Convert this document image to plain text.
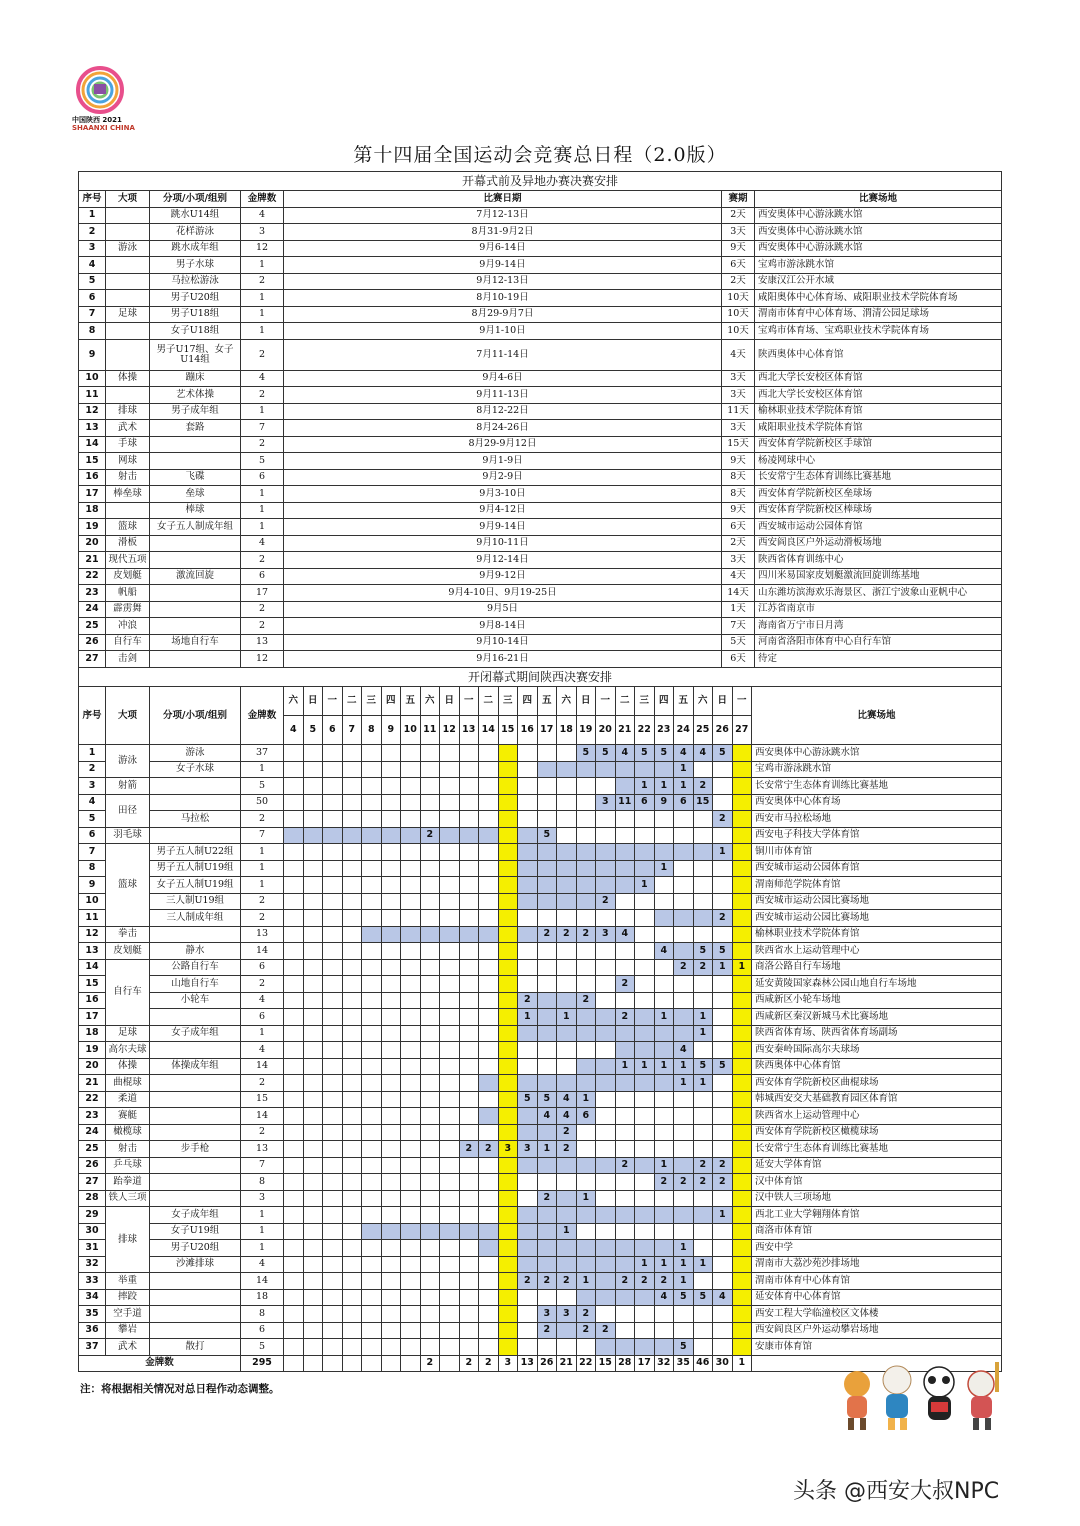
中国陕西 2021
SHAANXI CHINA
第十四届全国运动会竞赛总日程（2.0版）
开幕式前及异地办赛决赛安排						
序号	大项	分项/小项/组别	金牌数	比赛日期	赛期	比赛场地
1		跳水U14组	4	7月12-13日	2天	西安奥体中心游泳跳水馆
2		花样游泳	3	8月31-9月2日	3天	西安奥体中心游泳跳水馆
3	游泳	跳水成年组	12	9月6-14日	9天	西安奥体中心游泳跳水馆
4		男子水球	1	9月9-14日	6天	宝鸡市游泳跳水馆
5		马拉松游泳	2	9月12-13日	2天	安康汉江公开水域
6		男子U20组	1	8月10-19日	10天	咸阳奥体中心体育场、咸阳职业技术学院体育场
7	足球	男子U18组	1	8月29-9月7日	10天	渭南市体育中心体育场、渭清公园足球场
8		女子U18组	1	9月1-10日	10天	宝鸡市体育场、宝鸡职业技术学院体育场
9		男子U17组、女子U14组	2	7月11-14日	4天	陕西奥体中心体育馆
10	体操	蹦床	4	9月4-6日	3天	西北大学长安校区体育馆
11		艺术体操	2	9月11-13日	3天	西北大学长安校区体育馆
12	排球	男子成年组	1	8月12-22日	11天	榆林职业技术学院体育馆
13	武术	套路	7	8月24-26日	3天	咸阳职业技术学院体育馆
14	手球		2	8月29-9月12日	15天	西安体育学院新校区手球馆
15	网球		5	9月1-9日	9天	杨凌网球中心
16	射击	飞碟	6	9月2-9日	8天	长安常宁生态体育训练比赛基地
17	棒垒球	垒球	1	9月3-10日	8天	西安体育学院新校区垒球场
18		棒球	1	9月4-12日	9天	西安体育学院新校区棒球场
19	篮球	女子五人制成年组	1	9月9-14日	6天	西安城市运动公园体育馆
20	滑板		4	9月10-11日	2天	西安阎良区户外运动滑板场地
21	现代五项		2	9月12-14日	3天	陕西省体育训练中心
22	皮划艇	激流回旋	6	9月9-12日	4天	四川米易国家皮划艇激流回旋训练基地
23	帆船		17	9月4-10日、9月19-25日	14天	山东潍坊滨海欢乐海景区、浙江宁波象山亚帆中心
24	霹雳舞		2	9月5日	1天	江苏省南京市
25	冲浪		2	9月8-14日	7天	海南省万宁市日月湾
26	自行车	场地自行车	13	9月10-14日	5天	河南省洛阳市体育中心自行车馆
27	击剑		12	9月16-21日	6天	待定
开闭幕式期间陕西决赛安排																												
序号	大项	分项/小项/组别	金牌数	六	日	一	二	三	四	五	六	日	一	二	三	四	五	六	日	一	二	三	四	五	六	日	一	比赛场地
				4	5	6	7	8	9	10	11	12	13	14	15	16	17	18	19	20	21	22	23	24	25	26	27	
1	游泳	游泳	37																5	5	4	5	5	4	4	5		西安奥体中心游泳跳水馆
2		女子水球	1																					1				宝鸡市游泳跳水馆
3	射箭		5																			1	1	1	2			长安常宁生态体育训练比赛基地
4	田径		50																	3	11	6	9	6	15			西安奥体中心体育场
5		马拉松	2																							2		西安市马拉松场地
6	羽毛球		7								2						5											西安电子科技大学体育馆
7	篮球	男子五人制U22组	1																							1		铜川市体育馆
8		男子五人制U19组	1																				1					西安城市运动公园体育馆
9		女子五人制U19组	1																			1						渭南师范学院体育馆
10		三人制U19组	2																	2								西安城市运动公园比赛场地
11		三人制成年组	2																							2		西安城市运动公园比赛场地
12	拳击		13														2	2	2	3	4							榆林职业技术学院体育馆
13	皮划艇	静水	14																				4		5	5		陕西省水上运动管理中心
14	自行车	公路自行车	6																					2	2	1	1	商洛公路自行车场地
15		山地自行车	2																		2							延安黄陵国家森林公园山地自行车场地
16		小轮车	4													2			2									西咸新区小轮车场地
17			6													1		1			2		1		1			西咸新区秦汉新城马术比赛场地
18	足球	女子成年组	1																						1			陕西省体育场、陕西省体育场副场
19	高尔夫球		4																					4				西安秦岭国际高尔夫球场
20	体操	体操成年组	14																		1	1	1	1	5	5		陕西奥体中心体育馆
21	曲棍球		2																					1	1			西安体育学院新校区曲棍球场
22	柔道		15													5	5	4	1									韩城西安交大基础教育园区体育馆
23	赛艇		14														4	4	6									陕西省水上运动管理中心
24	橄榄球		2															2										西安体育学院新校区橄榄球场
25	射击	步手枪	13										2	2	3	3	1	2										长安常宁生态体育训练比赛基地
26	乒乓球		7																		2		1		2	2		延安大学体育馆
27	跆拳道		8																				2	2	2	2		汉中体育馆
28	铁人三项		3														2		1									汉中铁人三项场地
29	排球	女子成年组	1																							1		西北工业大学翱翔体育馆
30		女子U19组	1															1										商洛市体育馆
31		男子U20组	1																					1				西安中学
32		沙滩排球	4																			1	1	1	1			渭南市大荔沙苑沙排场地
33	举重		14													2	2	2	1		2	2	2	1				渭南市体育中心体育馆
34	摔跤		18																				4	5	5	4		延安体育中心体育馆
35	空手道		8														3	3	2									西安工程大学临潼校区文体楼
36	攀岩		6														2		2	2								西安阎良区户外运动攀岩场地
37	武术	散打	5																					5				安康市体育馆
金牌数			295								2		2	2	3	13	26	21	22	15	28	17	32	35	46	30	1	
注：将根据相关情况对总日程作动态调整。
头条 @西安大叔NPC
